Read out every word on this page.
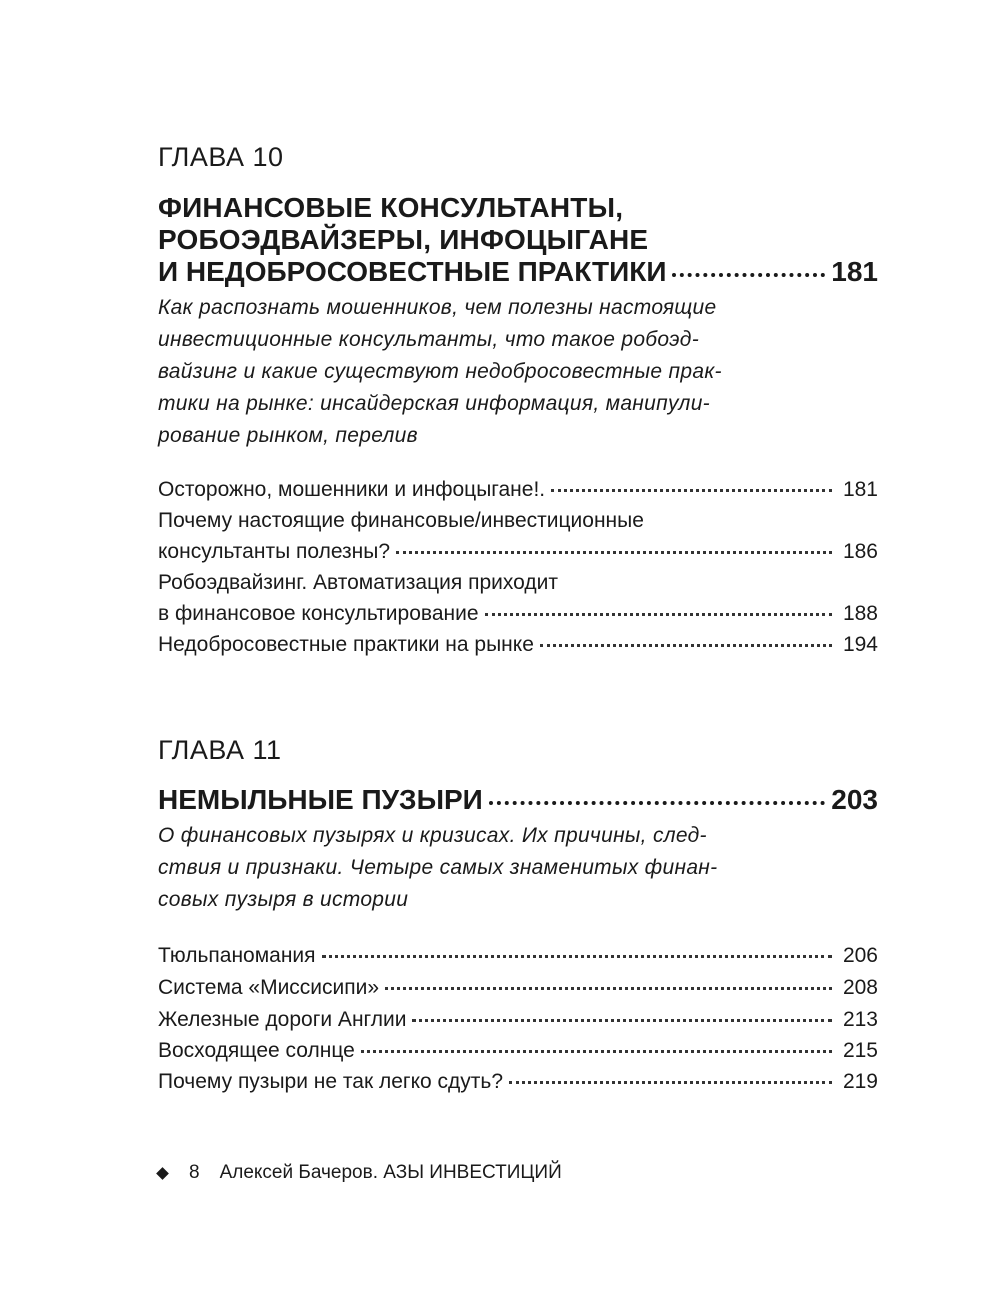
ГЛАВА 10
ФИНАНСОВЫЕ КОНСУЛЬТАНТЫ,
РОБОЭДВАЙЗЕРЫ, ИНФОЦЫГАНЕ
И НЕДОБРОСОВЕСТНЫЕ ПРАКТИКИ	181
Как распознать мошенников, чем полезны настоящие
инвестиционные консультанты, что такое робоэд-
вайзинг и какие существуют недобросовестные прак-
тики на рынке: инсайдерская информация, манипули-
рование рынком, перелив
Осторожно, мошенники и инфоцыгане!.	181
Почему настоящие финансовые/инвестиционные
консультанты полезны?	186
Робоэдвайзинг. Автоматизация приходит
в финансовое консультирование	188
Недобросовестные практики на рынке	194
ГЛАВА 11
НЕМЫЛЬНЫЕ ПУЗЫРИ	203
О финансовых пузырях и кризисах. Их причины, след-
ствия и признаки. Четыре самых знаменитых финан-
совых пузыря в истории
Тюльпаномания	206
Система «Миссисипи»	208
Железные дороги Англии	213
Восходящее солнце	215
Почему пузыри не так легко сдуть?	219
8 Алексей Бачеров. АЗЫ ИНВЕСТИЦИЙ
